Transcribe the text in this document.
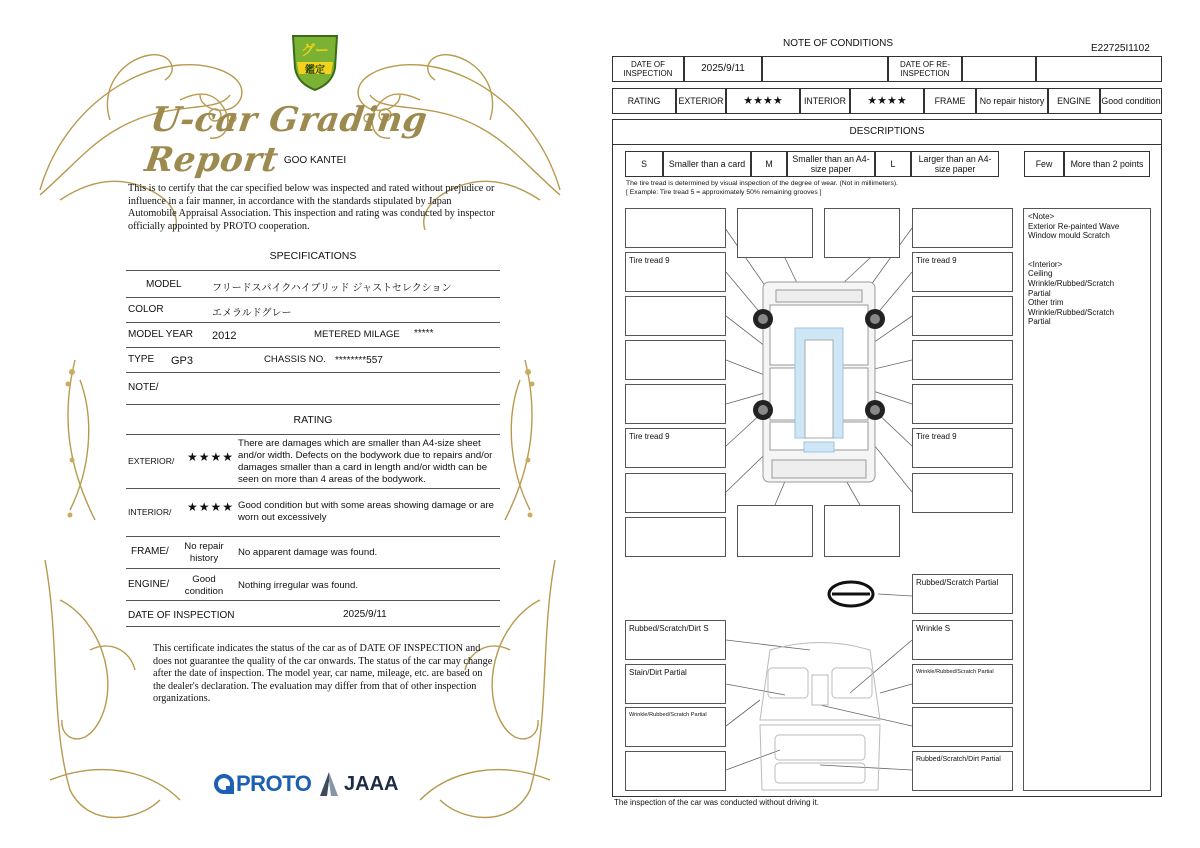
グー
鑑定
U-car Grading Report GOO KANTEI
This is to certify that the car specified below was inspected and rated without prejudice or influence in a fair manner, in accordance with the standards stipulated by Japan Automobile Appraisal Association. This inspection and rating was conducted by inspector officially appointed by PROTO cooperation.
SPECIFICATIONS
MODEL	フリードスパイクハイブリッド ジャストセレクション
COLOR	エメラルドグレー
MODEL YEAR 2012	METERED MILAGE *****
TYPE GP3	CHASSIS NO. ********557
NOTE/
RATING
EXTERIOR/ ★★★★
There are damages which are smaller than A4-size sheet and/or width. Defects on the bodywork due to repairs and/or damages smaller than a card in length and/or width can be seen on more than 4 areas of the bodywork.
INTERIOR/ ★★★★ Good condition but with some areas showing damage or are worn out excessively
FRAME/	No repair history
No apparent damage was found.
ENGINE/	Good condition
Nothing irregular was found.
DATE OF INSPECTION	2025/9/11
This certificate indicates the status of the car as of DATE OF INSPECTION and does not guarantee the quality of the car onwards. The status of the car may change after the date of inspection. The model year, car name, mileage, etc. are based on the dealer's declaration. The evaluation may differ from that of other inspection organizations.
PROTO JAAA
NOTE OF CONDITIONS	E22725I1102
DATE OF INSPECTION	2025/9/11	DATE OF RE-INSPECTION
RATING	EXTERIOR	★★★★	INTERIOR	★★★★	FRAME	No repair history	ENGINE	Good condition
DESCRIPTIONS
S	Smaller than a card	M	Smaller than an A4-size paper	L	Larger than an A4-size paper	Few	More than 2 points
The tire tread is determined by visual inspection of the degree of wear. (Not in millimeters).
[ Example: Tire tread 5 = approximately 50% remaining grooves ]
Tire tread 9
Tire tread 9
Tire tread 9
Tire tread 9
Rubbed/Scratch Partial
Rubbed/Scratch/Dirt S	Wrinkle S
Stain/Dirt Partial	Wrinkle/Rubbed/Scratch Partial
Wrinkle/Rubbed/Scratch Partial
Rubbed/Scratch/Dirt Partial
<Note>
Exterior Re-painted Wave
Window mould Scratch
<Interior>
Ceiling
Wrinkle/Rubbed/Scratch
Partial
Other trim
Wrinkle/Rubbed/Scratch
Partial
The inspection of the car was conducted without driving it.
